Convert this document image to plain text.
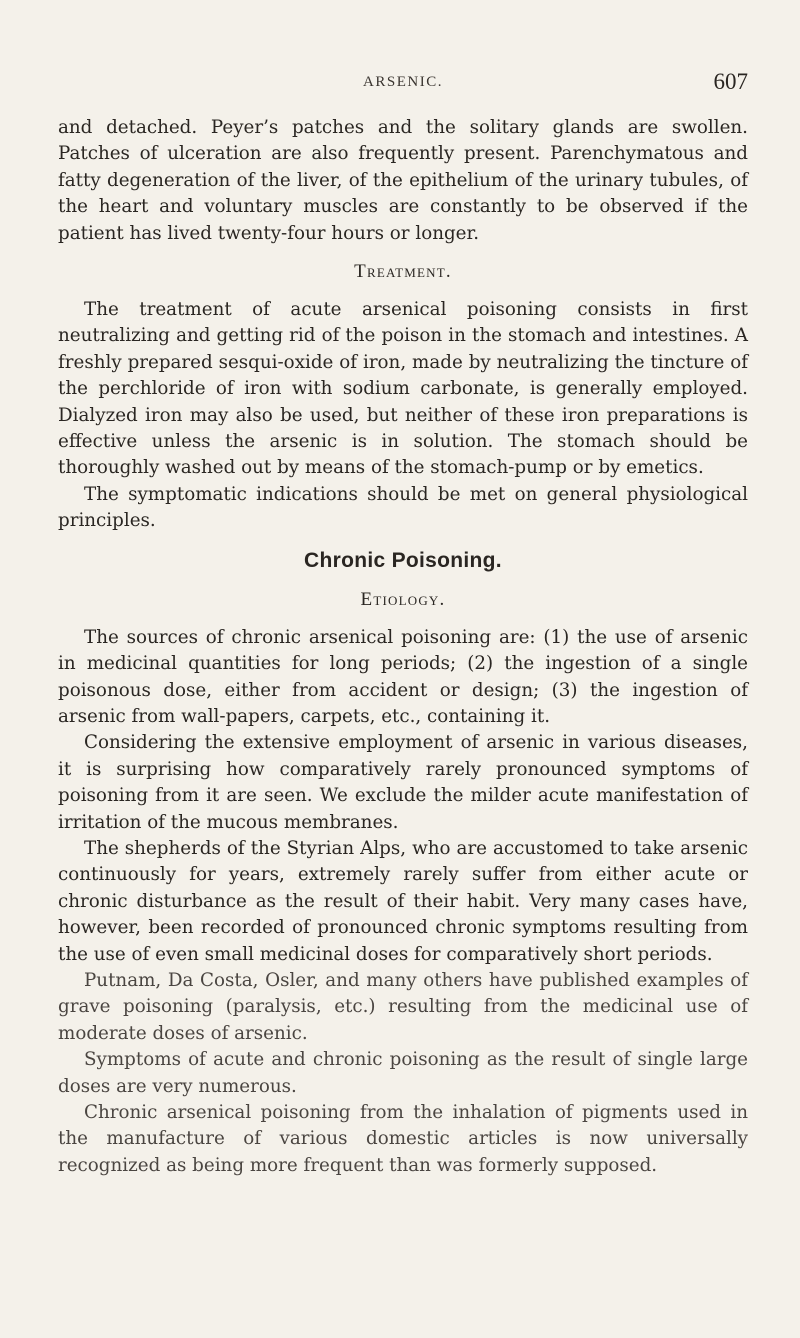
ARSENIC.	607

and detached. Peyer’s patches and the solitary glands are swollen. Patches of ulceration are also frequently present. Parenchymatous and fatty degeneration of the liver, of the epithelium of the urinary tubules, of the heart and voluntary muscles are constantly to be observed if the patient has lived twenty-four hours or longer.

Treatment.

The treatment of acute arsenical poisoning consists in first neutralizing and getting rid of the poison in the stomach and intestines. A freshly prepared sesqui-oxide of iron, made by neutralizing the tincture of the perchloride of iron with sodium carbonate, is generally employed. Dialyzed iron may also be used, but neither of these iron preparations is effective unless the arsenic is in solution. The stomach should be thoroughly washed out by means of the stomach-pump or by emetics.

The symptomatic indications should be met on general physiological principles.

Chronic Poisoning.
Etiology.

The sources of chronic arsenical poisoning are: (1) the use of arsenic in medicinal quantities for long periods; (2) the ingestion of a single poisonous dose, either from accident or design; (3) the ingestion of arsenic from wall-papers, carpets, etc., containing it.

Considering the extensive employment of arsenic in various diseases, it is surprising how comparatively rarely pronounced symptoms of poisoning from it are seen. We exclude the milder acute manifestation of irritation of the mucous membranes.

The shepherds of the Styrian Alps, who are accustomed to take arsenic continuously for years, extremely rarely suffer from either acute or chronic disturbance as the result of their habit. Very many cases have, however, been recorded of pronounced chronic symptoms resulting from the use of even small medicinal doses for comparatively short periods.

Putnam, Da Costa, Osler, and many others have published examples of grave poisoning (paralysis, etc.) resulting from the medicinal use of moderate doses of arsenic.

Symptoms of acute and chronic poisoning as the result of single large doses are very numerous.

Chronic arsenical poisoning from the inhalation of pigments used in the manufacture of various domestic articles is now universally recognized as being more frequent than was formerly supposed.
